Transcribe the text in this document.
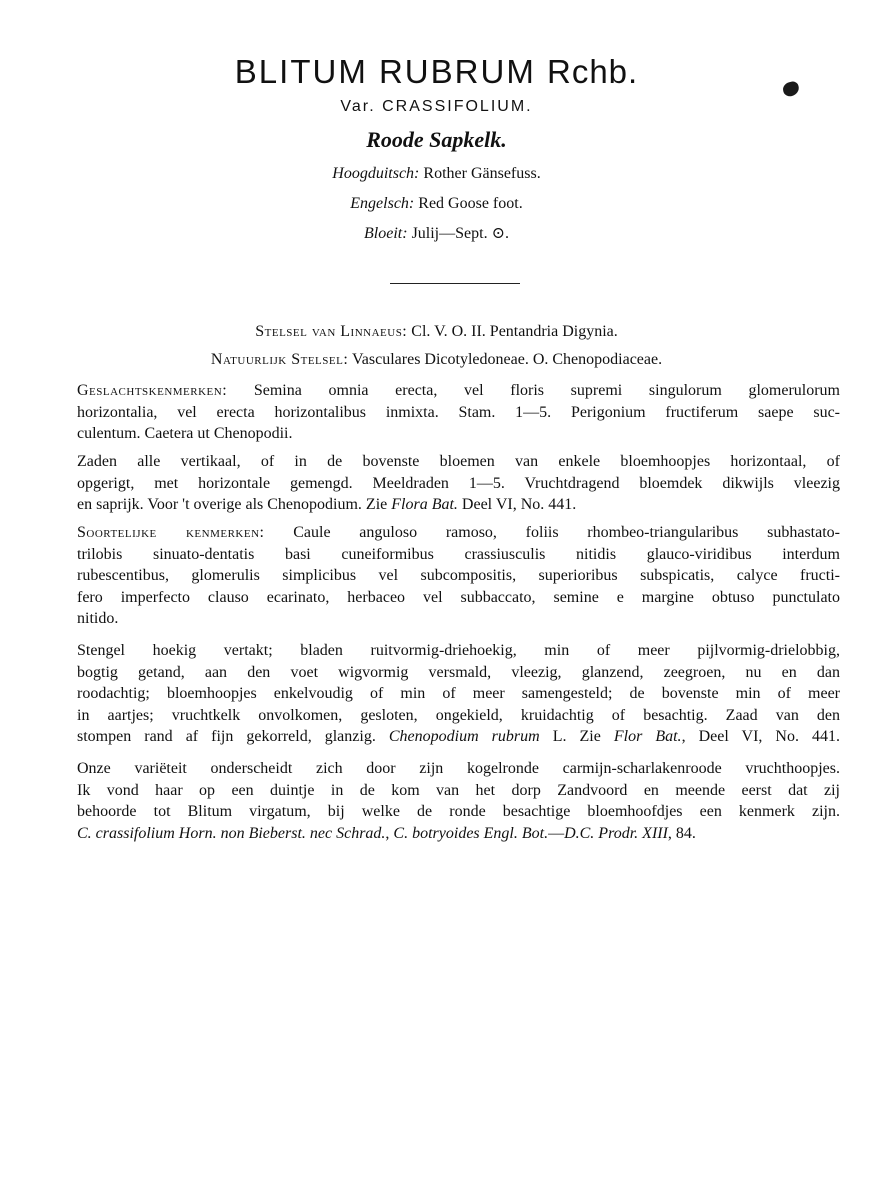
BLITUM RUBRUM Rchb.
Var. CRASSIFOLIUM.
Roode Sapkelk.
Hoogduitsch: Rother Gänsefuss.
Engelsch: Red Goose foot.
Bloeit: Julij—Sept. ⊙.
Stelsel van Linnaeus: Cl. V. O. II. Pentandria Digynia.
Natuurlijk Stelsel: Vasculares Dicotyledoneae. O. Chenopodiaceae.
Geslachtskenmerken: Semina omnia erecta, vel floris supremi singulorum glomerulorum
horizontalia, vel erecta horizontalibus inmixta. Stam. 1—5. Perigonium fructiferum saepe suc-
culentum. Caetera ut Chenopodii.
Zaden alle vertikaal, of in de bovenste bloemen van enkele bloemhoopjes horizontaal, of
opgerigt, met horizontale gemengd. Meeldraden 1—5. Vruchtdragend bloemdek dikwijls vleezig
en saprijk. Voor 't overige als Chenopodium. Zie Flora Bat. Deel VI, No. 441.
Soortelijke kenmerken: Caule anguloso ramoso, foliis rhombeo-triangularibus subhastato-
trilobis sinuato-dentatis basi cuneiformibus crassiusculis nitidis glauco-viridibus interdum
rubescentibus, glomerulis simplicibus vel subcompositis, superioribus subspicatis, calyce fructi-
fero imperfecto clauso ecarinato, herbaceo vel subbaccato, semine e margine obtuso punctulato
nitido.
Stengel hoekig vertakt; bladen ruitvormig-driehoekig, min of meer pijlvormig-drielobbig,
bogtig getand, aan den voet wigvormig versmald, vleezig, glanzend, zeegroen, nu en dan
roodachtig; bloemhoopjes enkelvoudig of min of meer samengesteld; de bovenste min of meer
in aartjes; vruchtkelk onvolkomen, gesloten, ongekield, kruidachtig of besachtig. Zaad van den
stompen rand af fijn gekorreld, glanzig. Chenopodium rubrum L. Zie Flor Bat., Deel VI, No. 441.
Onze variëteit onderscheidt zich door zijn kogelronde carmijn-scharlakenroode vruchthoopjes.
Ik vond haar op een duintje in de kom van het dorp Zandvoord en meende eerst dat zij
behoorde tot Blitum virgatum, bij welke de ronde besachtige bloemhoofdjes een kenmerk zijn.
C. crassifolium Horn. non Bieberst. nec Schrad., C. botryoides Engl. Bot.—D.C. Prodr. XIII, 84.
